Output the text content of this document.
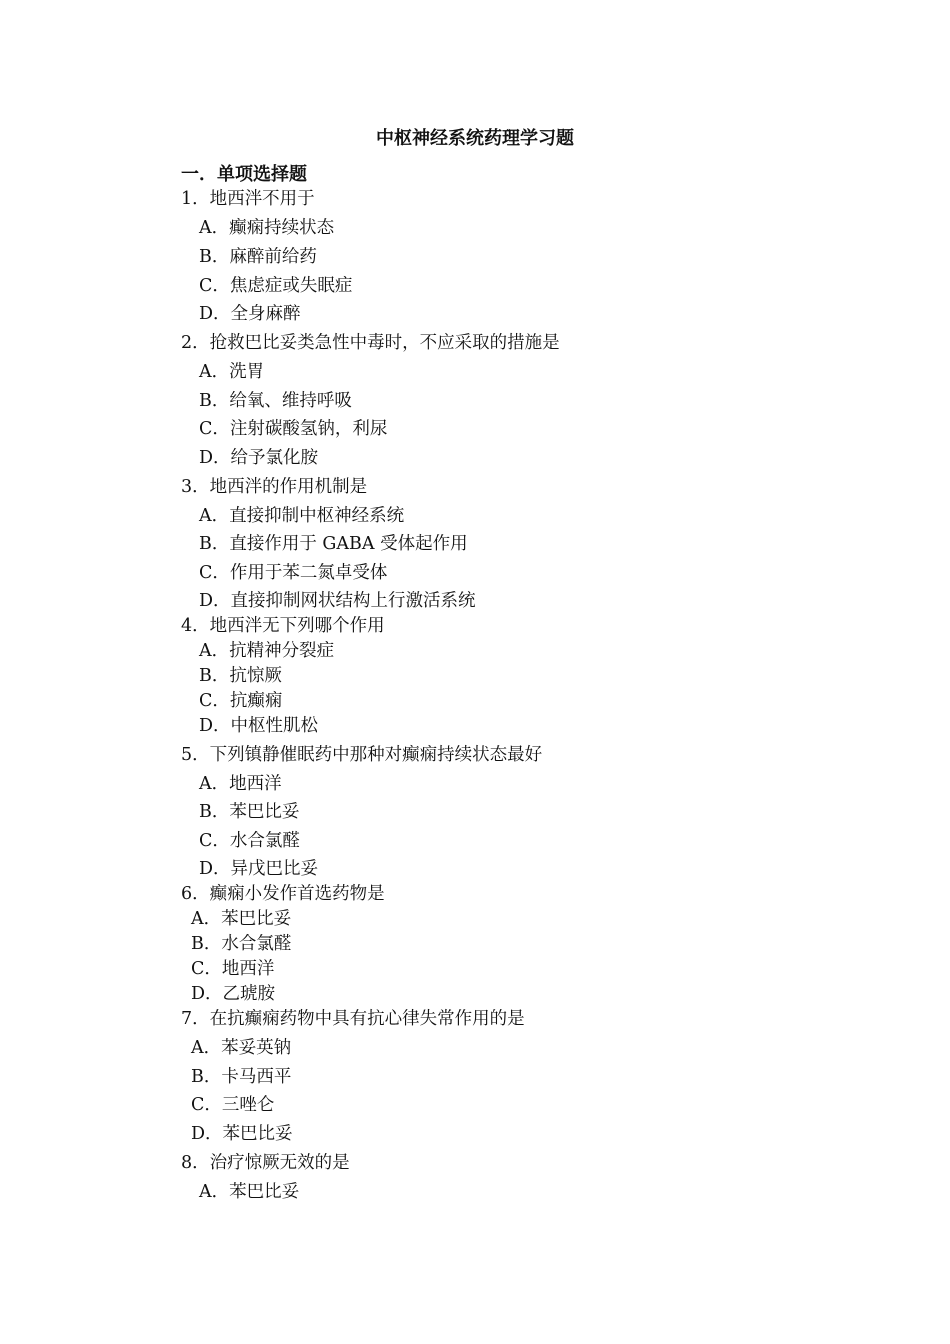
中枢神经系统药理学习题
一．单项选择题
1．地西泮不用于
A．癫痫持续状态
B．麻醉前给药
C．焦虑症或失眠症
D．全身麻醉
2．抢救巴比妥类急性中毒时，不应采取的措施是
A．洗胃
B．给氧、维持呼吸
C．注射碳酸氢钠，利尿
D．给予氯化胺
3．地西泮的作用机制是
A．直接抑制中枢神经系统
B．直接作用于 GABA 受体起作用
C．作用于苯二氮卓受体
D．直接抑制网状结构上行激活系统
4．地西泮无下列哪个作用
A．抗精神分裂症
B．抗惊厥
C．抗癫痫
D．中枢性肌松
5．下列镇静催眠药中那种对癫痫持续状态最好
A．地西洋
B．苯巴比妥
C．水合氯醛
D．异戊巴比妥
6．癫痫小发作首选药物是
A．苯巴比妥
B．水合氯醛
C．地西洋
D．乙琥胺
7．在抗癫痫药物中具有抗心律失常作用的是
A．苯妥英钠
B．卡马西平
C．三唑仑
D．苯巴比妥
8．治疗惊厥无效的是
A．苯巴比妥
